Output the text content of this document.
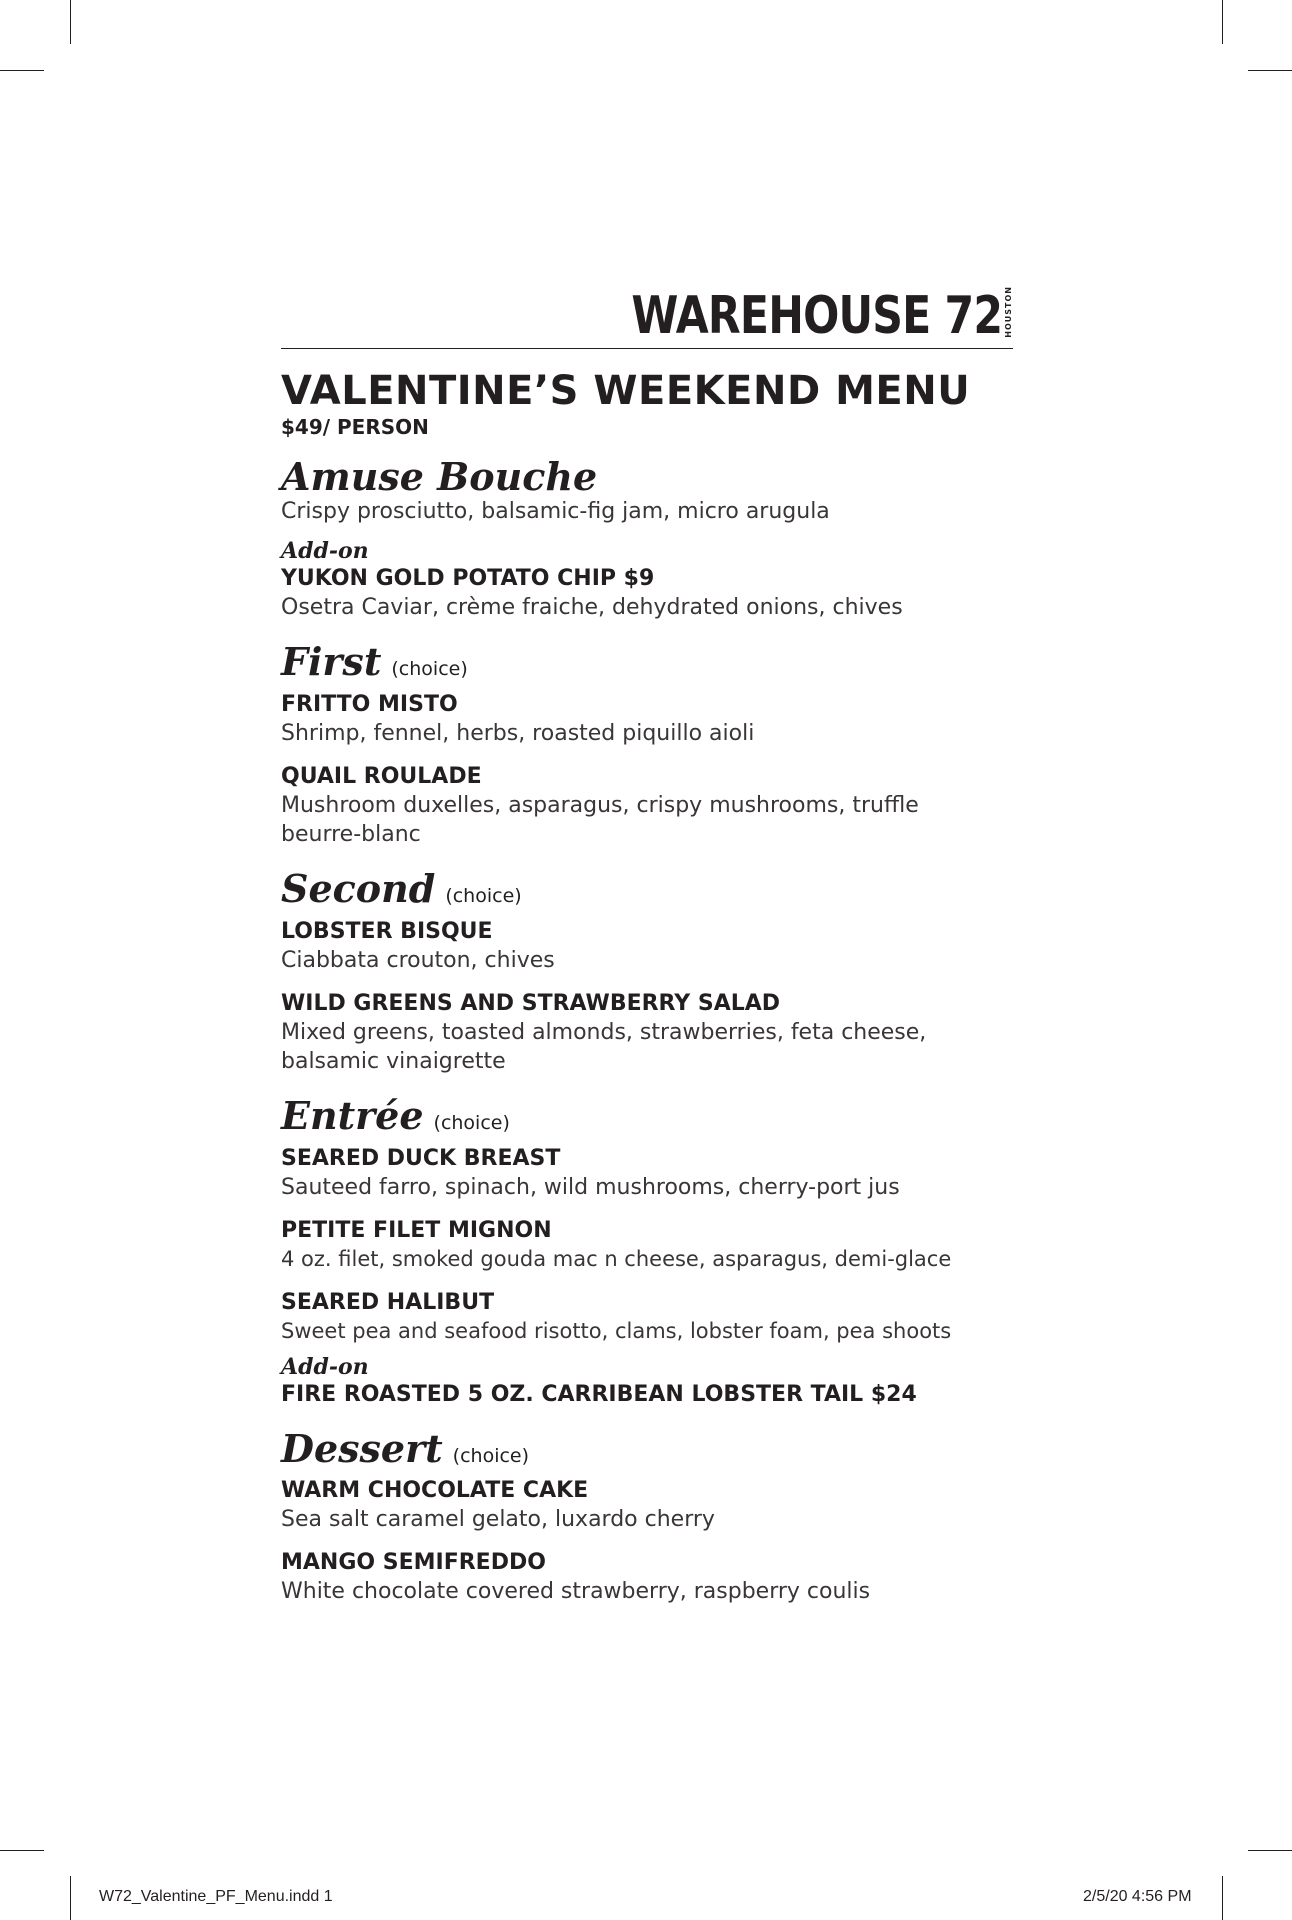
WAREHOUSE 72 HOUSTON
VALENTINE’S WEEKEND MENU
$49/ PERSON
Amuse Bouche
Crispy prosciutto, balsamic-fig jam, micro arugula
Add-on
YUKON GOLD POTATO CHIP $9
Osetra Caviar, crème fraiche, dehydrated onions, chives
First (choice)
FRITTO MISTO
Shrimp, fennel, herbs, roasted piquillo aioli
QUAIL ROULADE
Mushroom duxelles, asparagus, crispy mushrooms, truffle beurre-blanc
Second (choice)
LOBSTER BISQUE
Ciabbata crouton, chives
WILD GREENS AND STRAWBERRY SALAD
Mixed greens, toasted almonds, strawberries, feta cheese, balsamic vinaigrette
Entrée (choice)
SEARED DUCK BREAST
Sauteed farro, spinach, wild mushrooms, cherry-port jus
PETITE FILET MIGNON
4 oz. filet, smoked gouda mac n cheese, asparagus, demi-glace
SEARED HALIBUT
Sweet pea and seafood risotto, clams, lobster foam, pea shoots
Add-on
FIRE ROASTED 5 OZ. CARRIBEAN LOBSTER TAIL $24
Dessert (choice)
WARM CHOCOLATE CAKE
Sea salt caramel gelato, luxardo cherry
MANGO SEMIFREDDO
White chocolate covered strawberry, raspberry coulis
W72_Valentine_PF_Menu.indd 1	2/5/20 4:56 PM
